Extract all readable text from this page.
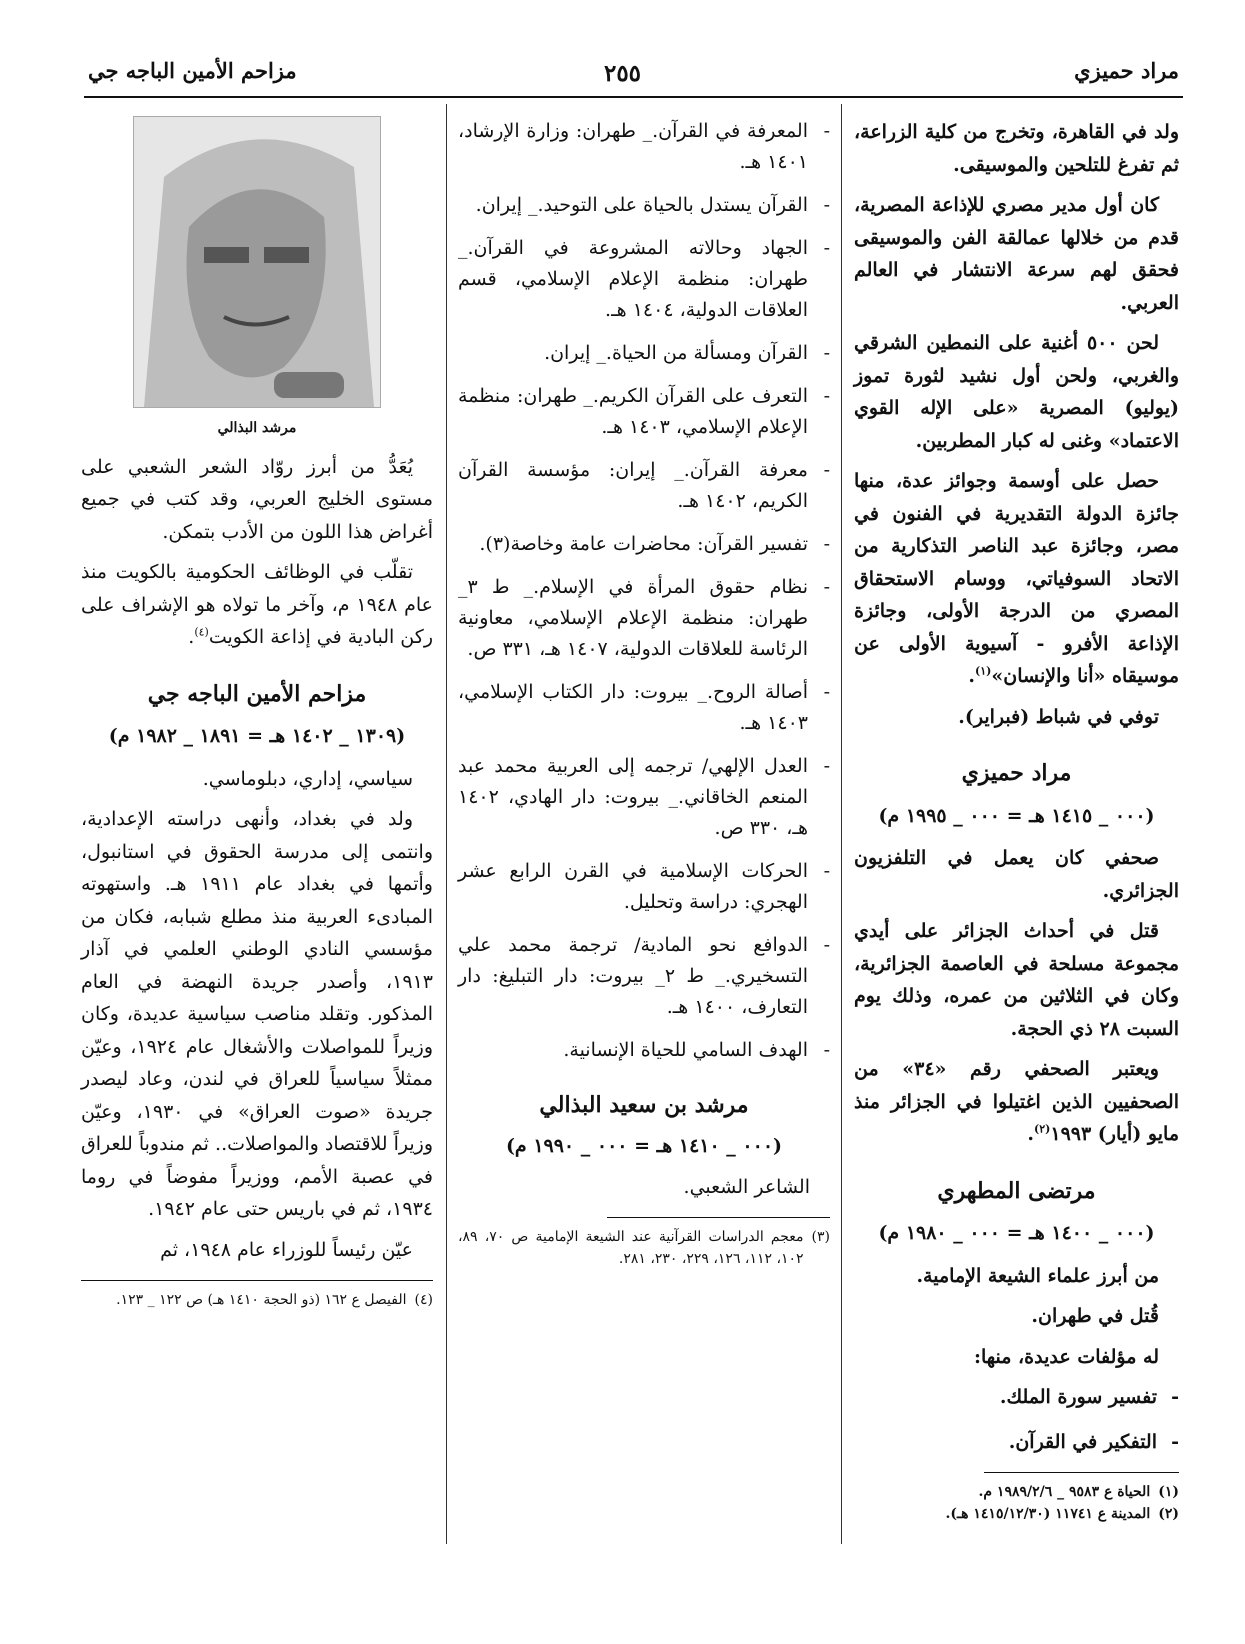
مراد حميزي
٢٥٥
مزاحم الأمين الباجه جي

ولد في القاهرة، وتخرج من كلية الزراعة، ثم تفرغ للتلحين والموسيقى.

كان أول مدير مصري للإذاعة المصرية، قدم من خلالها عمالقة الفن والموسيقى فحقق لهم سرعة الانتشار في العالم العربي.

لحن ٥٠٠ أغنية على النمطين الشرقي والغربي، ولحن أول نشيد لثورة تموز (يوليو) المصرية «على الإله القوي الاعتماد» وغنى له كبار المطربين.

حصل على أوسمة وجوائز عدة، منها جائزة الدولة التقديرية في الفنون في مصر، وجائزة عبد الناصر التذكارية من الاتحاد السوفياتي، ووسام الاستحقاق المصري من الدرجة الأولى، وجائزة الإذاعة الأفرو - آسيوية الأولى عن موسيقاه «أنا والإنسان»$^{(١)}$.

توفي في شباط (فبراير).

مراد حميزي
(٠٠٠ _ ١٤١٥ هـ = ٠٠٠ _ ١٩٩٥ م)

صحفي كان يعمل في التلفزيون الجزائري.

قتل في أحداث الجزائر على أيدي مجموعة مسلحة في العاصمة الجزائرية، وكان في الثلاثين من عمره، وذلك يوم السبت ٢٨ ذي الحجة.

ويعتبر الصحفي رقم «٣٤» من الصحفيين الذين اغتيلوا في الجزائر منذ مايو (أيار) ١٩٩٣$^{(٢)}$.

مرتضى المطهري
(٠٠٠ _ ١٤٠٠ هـ = ٠٠٠ _ ١٩٨٠ م)

من أبرز علماء الشيعة الإمامية.

قُتل في طهران.

له مؤلفات عديدة، منها:

- تفسير سورة الملك.
- التفكير في القرآن.
(١)
الحياة ع ٩٥٨٣ _ ١٩٨٩/٢/٦ م.
(٢)
المدينة ع ١١٧٤١ (١٤١٥/١٢/٣٠ هـ).
- المعرفة في القرآن._ طهران: وزارة الإرشاد، ١٤٠١ هـ.
- القرآن يستدل بالحياة على التوحيد._ إيران.
- الجهاد وحالاته المشروعة في القرآن._ طهران: منظمة الإعلام الإسلامي، قسم العلاقات الدولية، ١٤٠٤ هـ.
- القرآن ومسألة من الحياة._ إيران.
- التعرف على القرآن الكريم._ طهران: منظمة الإعلام الإسلامي، ١٤٠٣ هـ.
- معرفة القرآن._ إيران: مؤسسة القرآن الكريم، ١٤٠٢ هـ.
- تفسير القرآن: محاضرات عامة وخاصة(٣).
- نظام حقوق المرأة في الإسلام._ ط ٣_ طهران: منظمة الإعلام الإسلامي، معاونية الرئاسة للعلاقات الدولية، ١٤٠٧ هـ، ٣٣١ ص.
- أصالة الروح._ بيروت: دار الكتاب الإسلامي، ١٤٠٣ هـ.
- العدل الإلهي/ ترجمه إلى العربية محمد عبد المنعم الخاقاني._ بيروت: دار الهادي، ١٤٠٢ هـ، ٣٣٠ ص.
- الحركات الإسلامية في القرن الرابع عشر الهجري: دراسة وتحليل.
- الدوافع نحو المادية/ ترجمة محمد علي التسخيري._ ط ٢_ بيروت: دار التبليغ: دار التعارف، ١٤٠٠ هـ.
- الهدف السامي للحياة الإنسانية.
مرشد بن سعيد البذالي
(٠٠٠ _ ١٤١٠ هـ = ٠٠٠ _ ١٩٩٠ م)

الشاعر الشعبي.

(٣)
معجم الدراسات القرآنية عند الشيعة الإمامية ص ٧٠، ٨٩، ١٠٢، ١١٢، ١٢٦، ٢٢٩، ٢٣٠، ٢٨١.
مرشد البذالي

يُعَدُّ من أبرز روّاد الشعر الشعبي على مستوى الخليج العربي، وقد كتب في جميع أغراض هذا اللون من الأدب بتمكن.

تقلّب في الوظائف الحكومية بالكويت منذ عام ١٩٤٨ م، وآخر ما تولاه هو الإشراف على ركن البادية في إذاعة الكويت$^{(٤)}$.

مزاحم الأمين الباجه جي
(١٣٠٩ _ ١٤٠٢ هـ = ١٨٩١ _ ١٩٨٢ م)

سياسي، إداري، دبلوماسي.

ولد في بغداد، وأنهى دراسته الإعدادية، وانتمى إلى مدرسة الحقوق في استانبول، وأتمها في بغداد عام ١٩١١ هـ. واستهوته المبادىء العربية منذ مطلع شبابه، فكان من مؤسسي النادي الوطني العلمي في آذار ١٩١٣، وأصدر جريدة النهضة في العام المذكور. وتقلد مناصب سياسية عديدة، وكان وزيراً للمواصلات والأشغال عام ١٩٢٤، وعيّن ممثلاً سياسياً للعراق في لندن، وعاد ليصدر جريدة «صوت العراق» في ١٩٣٠، وعيّن وزيراً للاقتصاد والمواصلات.. ثم مندوباً للعراق في عصبة الأمم، ووزيراً مفوضاً في روما ١٩٣٤، ثم في باريس حتى عام ١٩٤٢.

عيّن رئيساً للوزراء عام ١٩٤٨، ثم

(٤)
الفيصل ع ١٦٢ (ذو الحجة ١٤١٠ هـ) ص ١٢٢ _ ١٢٣.
